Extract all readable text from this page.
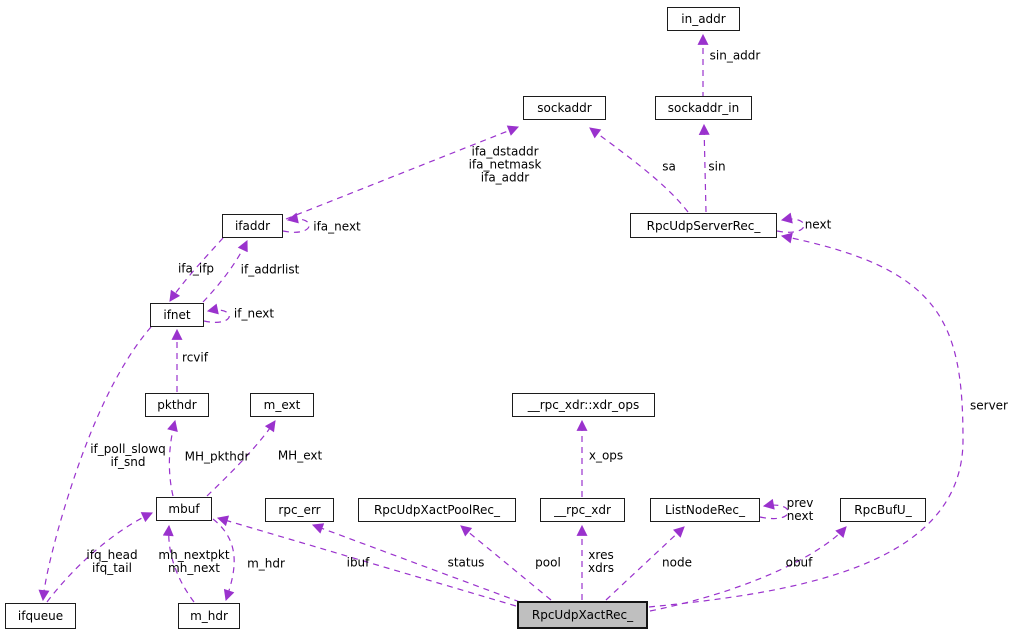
in_addr
sockaddr	sockaddr_in
RpcUdpServerRec_
ifaddr
ifnet
pkthdr	m_ext	__rpc_xdr::xdr_ops
mbuf	rpc_err	RpcUdpXactPoolRec_	__rpc_xdr	ListNodeRec_	RpcBufU_
ifqueue	m_hdr	RpcUdpXactRec_
sin_addr
ifa_dstaddr
ifa_netmask
ifa_addr
sa	sin
next
server
ifa_next
if_addrlist
ifa_ifp
if_next
rcvif
if_poll_slowq
if_snd
ifq_head
ifq_tail
MH_pkthdr MH_ext
mh_nextpkt
mh_next	m_hdr	ibuf	status	pool
xres
xdrs
x_ops
node
prev
next
obuf
